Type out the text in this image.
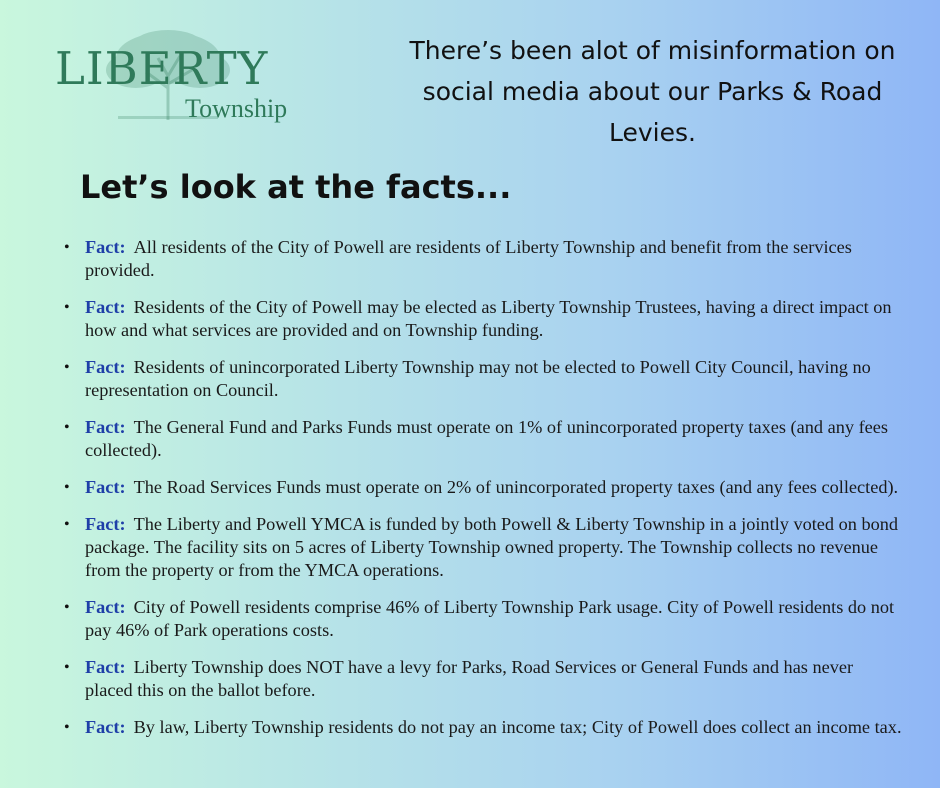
LIBERTY
Township
There’s been alot of misinformation on social media about our Parks & Road Levies.
Let’s look at the facts...
• Fact: All residents of the City of Powell are residents of Liberty Township and benefit from the services provided.
• Fact: Residents of the City of Powell may be elected as Liberty Township Trustees, having a direct impact on how and what services are provided and on Township funding.
• Fact: Residents of unincorporated Liberty Township may not be elected to Powell City Council, having no representation on Council.
• Fact: The General Fund and Parks Funds must operate on 1% of unincorporated property taxes (and any fees collected).
• Fact: The Road Services Funds must operate on 2% of unincorporated property taxes (and any fees collected).
• Fact: The Liberty and Powell YMCA is funded by both Powell & Liberty Township in a jointly voted on bond package. The facility sits on 5 acres of Liberty Township owned property. The Township collects no revenue from the property or from the YMCA operations.
• Fact: City of Powell residents comprise 46% of Liberty Township Park usage. City of Powell residents do not pay 46% of Park operations costs.
• Fact: Liberty Township does NOT have a levy for Parks, Road Services or General Funds and has never placed this on the ballot before.
• Fact: By law, Liberty Township residents do not pay an income tax; City of Powell does collect an income tax.
